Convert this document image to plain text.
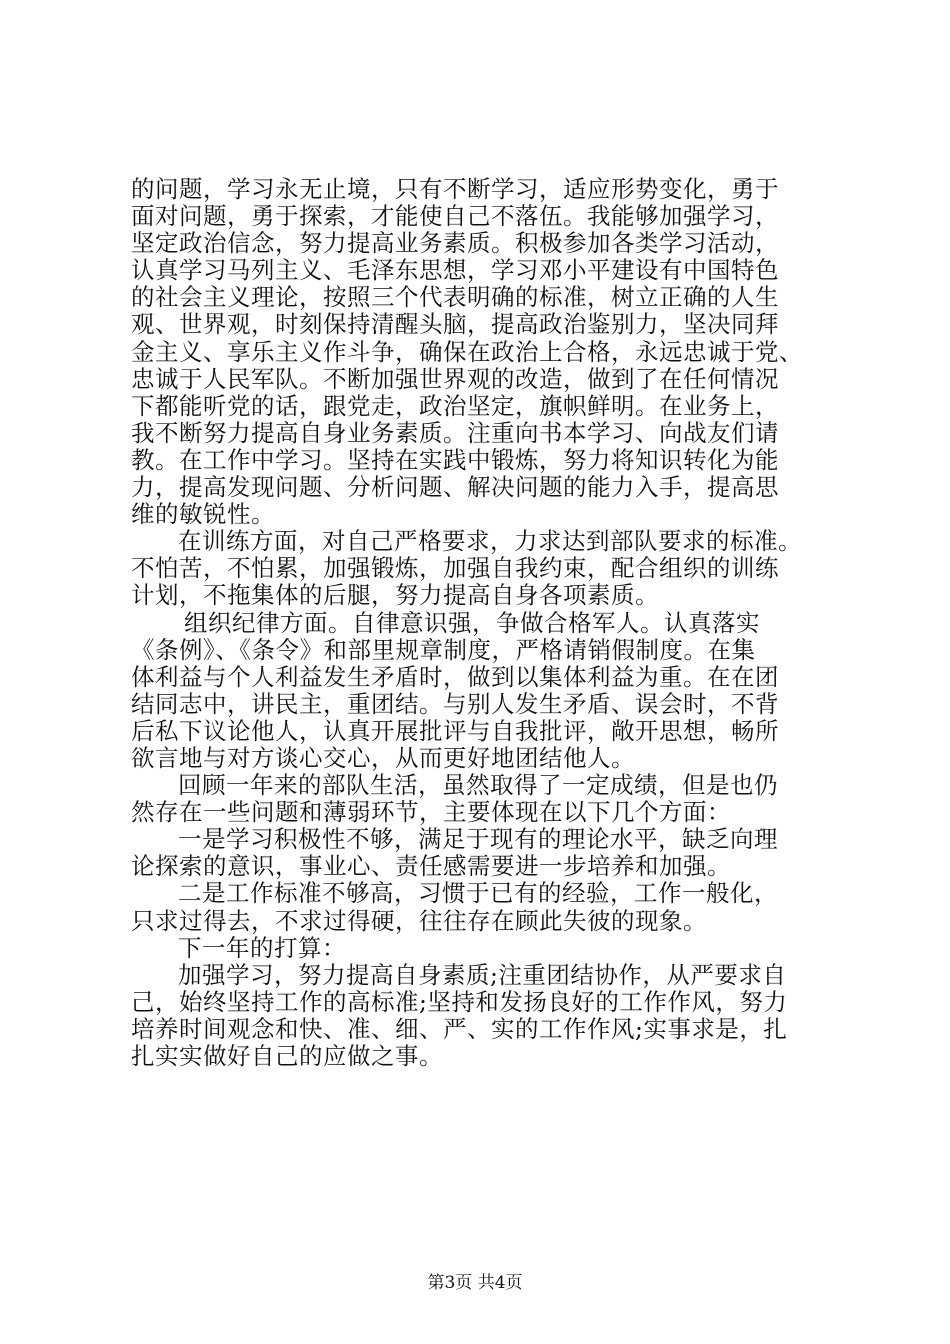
的问题，学习永无止境，只有不断学习，适应形势变化，勇于
面对问题，勇于探索，才能使自己不落伍。我能够加强学习，
坚定政治信念，努力提高业务素质。积极参加各类学习活动，
认真学习马列主义、毛泽东思想，学习邓小平建设有中国特色
的社会主义理论，按照三个代表明确的标准，树立正确的人生
观、世界观，时刻保持清醒头脑，提高政治鉴别力，坚决同拜
金主义、享乐主义作斗争，确保在政治上合格，永远忠诚于党、
忠诚于人民军队。不断加强世界观的改造，做到了在任何情况
下都能听党的话，跟党走，政治坚定，旗帜鲜明。在业务上，
我不断努力提高自身业务素质。注重向书本学习、向战友们请
教。在工作中学习。坚持在实践中锻炼，努力将知识转化为能
力，提高发现问题、分析问题、解决问题的能力入手，提高思
维的敏锐性。
在训练方面，对自己严格要求，力求达到部队要求的标准。
不怕苦，不怕累，加强锻炼，加强自我约束，配合组织的训练
计划，不拖集体的后腿，努力提高自身各项素质。
组织纪律方面。自律意识强，争做合格军人。认真落实
《条例》、《条令》和部里规章制度，严格请销假制度。在集
体利益与个人利益发生矛盾时，做到以集体利益为重。在在团
结同志中，讲民主，重团结。与别人发生矛盾、误会时，不背
后私下议论他人，认真开展批评与自我批评，敞开思想，畅所
欲言地与对方谈心交心，从而更好地团结他人。
回顾一年来的部队生活，虽然取得了一定成绩，但是也仍
然存在一些问题和薄弱环节，主要体现在以下几个方面：
一是学习积极性不够，满足于现有的理论水平，缺乏向理
论探索的意识，事业心、责任感需要进一步培养和加强。
二是工作标准不够高，习惯于已有的经验，工作一般化，
只求过得去，不求过得硬，往往存在顾此失彼的现象。
下一年的打算：
加强学习，努力提高自身素质;注重团结协作，从严要求自
己，始终坚持工作的高标准;坚持和发扬良好的工作作风，努力
培养时间观念和快、准、细、严、实的工作作风;实事求是，扎
扎实实做好自己的应做之事。
第3页 共4页
